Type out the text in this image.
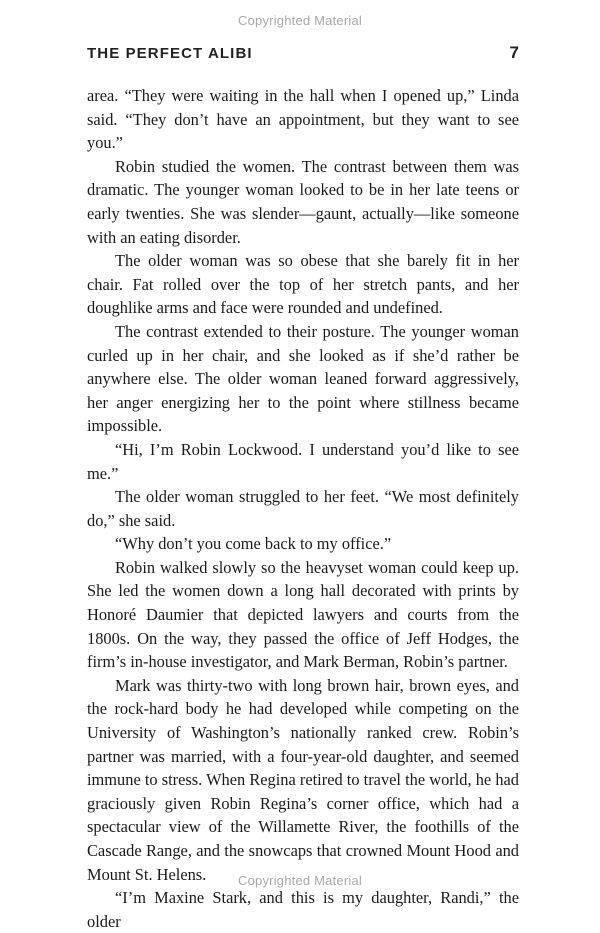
Copyrighted Material
THE PERFECT ALIBI	7

area. “They were waiting in the hall when I opened up,” Linda said. “They don’t have an appointment, but they want to see you.”

Robin studied the women. The contrast between them was dramatic. The younger woman looked to be in her late teens or early twenties. She was slender—gaunt, actually—like someone with an eating disorder.

The older woman was so obese that she barely fit in her chair. Fat rolled over the top of her stretch pants, and her doughlike arms and face were rounded and undefined.

The contrast extended to their posture. The younger woman curled up in her chair, and she looked as if she’d rather be anywhere else. The older woman leaned forward aggressively, her anger energizing her to the point where stillness became impossible.

“Hi, I’m Robin Lockwood. I understand you’d like to see me.”

The older woman struggled to her feet. “We most definitely do,” she said.

“Why don’t you come back to my office.”

Robin walked slowly so the heavyset woman could keep up. She led the women down a long hall decorated with prints by Honoré Daumier that depicted lawyers and courts from the 1800s. On the way, they passed the office of Jeff Hodges, the firm’s in-house investigator, and Mark Berman, Robin’s partner.

Mark was thirty-two with long brown hair, brown eyes, and the rock-hard body he had developed while competing on the University of Washington’s nationally ranked crew. Robin’s partner was married, with a four-year-old daughter, and seemed immune to stress. When Regina retired to travel the world, he had graciously given Robin Regina’s corner office, which had a spectacular view of the Willamette River, the foothills of the Cascade Range, and the snowcaps that crowned Mount Hood and Mount St. Helens.

“I’m Maxine Stark, and this is my daughter, Randi,” the older

Copyrighted Material
